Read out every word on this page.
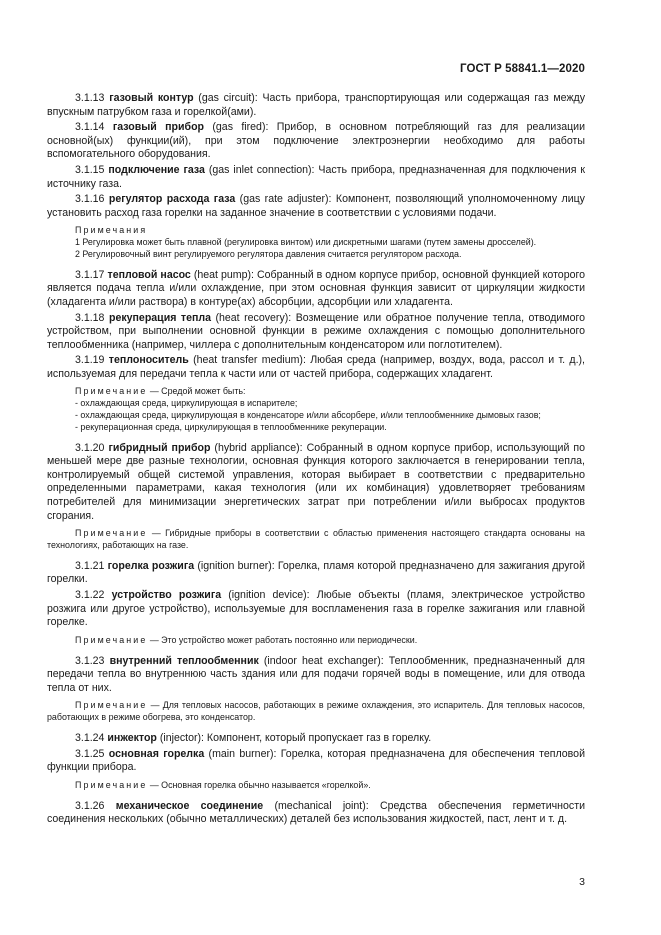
ГОСТ Р 58841.1—2020

3.1.13 газовый контур (gas circuit): Часть прибора, транспортирующая или содержащая газ между впускным патрубком газа и горелкой(ами).

3.1.14 газовый прибор (gas fired): Прибор, в основном потребляющий газ для реализации основной(ых) функции(ий), при этом подключение электроэнергии необходимо для работы вспомогательного оборудования.

3.1.15 подключение газа (gas inlet connection): Часть прибора, предназначенная для подключения к источнику газа.

3.1.16 регулятор расхода газа (gas rate adjuster): Компонент, позволяющий уполномоченному лицу установить расход газа горелки на заданное значение в соответствии с условиями подачи.

Примечания

1 Регулировка может быть плавной (регулировка винтом) или дискретными шагами (путем замены дросселей).

2 Регулировочный винт регулируемого регулятора давления считается регулятором расхода.

3.1.17 тепловой насос (heat pump): Собранный в одном корпусе прибор, основной функцией которого является подача тепла и/или охлаждение, при этом основная функция зависит от циркуляции жидкости (хладагента и/или раствора) в контуре(ах) абсорбции, адсорбции или хладагента.

3.1.18 рекуперация тепла (heat recovery): Возмещение или обратное получение тепла, отводимого устройством, при выполнении основной функции в режиме охлаждения с помощью дополнительного теплообменника (например, чиллера с дополнительным конденсатором или поглотителем).

3.1.19 теплоноситель (heat transfer medium): Любая среда (например, воздух, вода, рассол и т. д.), используемая для передачи тепла к части или от частей прибора, содержащих хладагент.

Примечание — Средой может быть:

- охлаждающая среда, циркулирующая в испарителе;

- охлаждающая среда, циркулирующая в конденсаторе и/или абсорбере, и/или теплообменнике дымовых газов;

- рекуперационная среда, циркулирующая в теплообменнике рекуперации.

3.1.20 гибридный прибор (hybrid appliance): Собранный в одном корпусе прибор, использующий по меньшей мере две разные технологии, основная функция которого заключается в генерировании тепла, контролируемый общей системой управления, которая выбирает в соответствии с предварительно определенными параметрами, какая технология (или их комбинация) удовлетворяет требованиям потребителей для минимизации энергетических затрат при потреблении и/или выбросах продуктов сгорания.

Примечание — Гибридные приборы в соответствии с областью применения настоящего стандарта основаны на технологиях, работающих на газе.

3.1.21 горелка розжига (ignition burner): Горелка, пламя которой предназначено для зажигания другой горелки.

3.1.22 устройство розжига (ignition device): Любые объекты (пламя, электрическое устройство розжига или другое устройство), используемые для воспламенения газа в горелке зажигания или главной горелке.

Примечание — Это устройство может работать постоянно или периодически.

3.1.23 внутренний теплообменник (indoor heat exchanger): Теплообменник, предназначенный для передачи тепла во внутреннюю часть здания или для подачи горячей воды в помещение, или для отвода тепла от них.

Примечание — Для тепловых насосов, работающих в режиме охлаждения, это испаритель. Для тепловых насосов, работающих в режиме обогрева, это конденсатор.

3.1.24 инжектор (injector): Компонент, который пропускает газ в горелку.

3.1.25 основная горелка (main burner): Горелка, которая предназначена для обеспечения тепловой функции прибора.

Примечание — Основная горелка обычно называется «горелкой».

3.1.26 механическое соединение (mechanical joint): Средства обеспечения герметичности соединения нескольких (обычно металлических) деталей без использования жидкостей, паст, лент и т. д.

3
